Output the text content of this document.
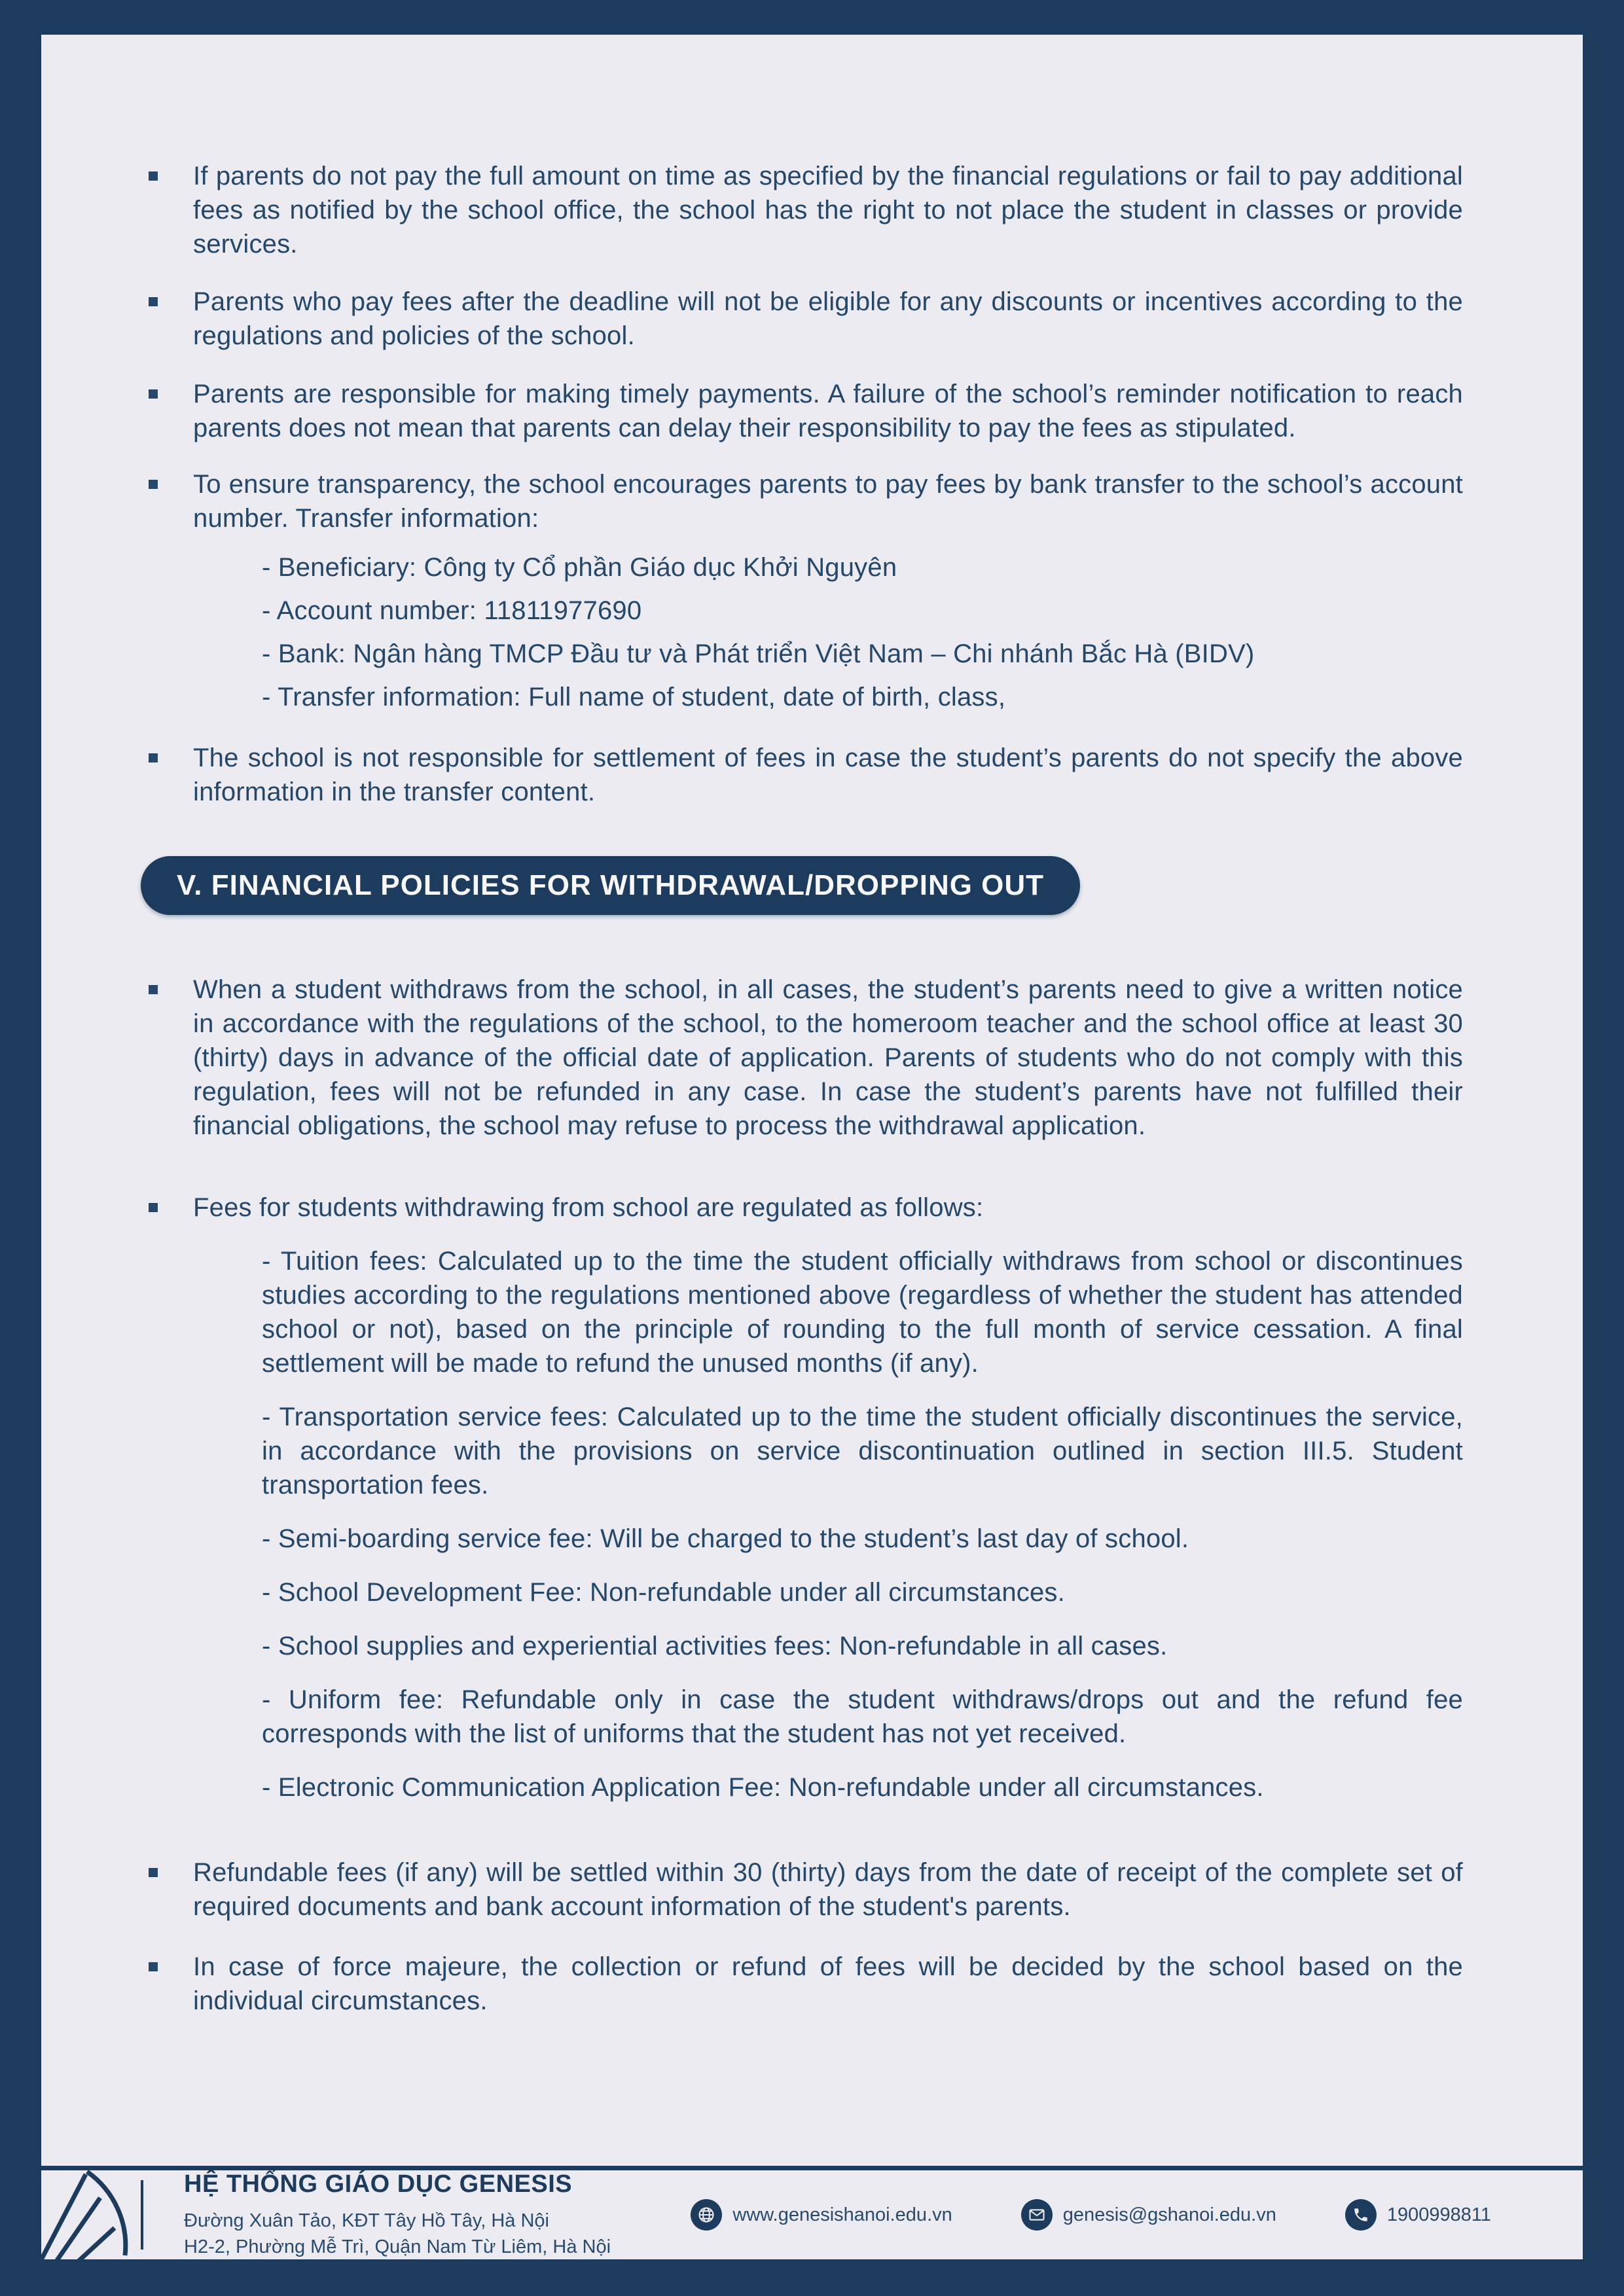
If parents do not pay the full amount on time as specified by the financial regulations or fail to pay additional fees as notified by the school office, the school has the right to not place the student in classes or provide services.
Parents who pay fees after the deadline will not be eligible for any discounts or incentives according to the regulations and policies of the school.
Parents are responsible for making timely payments. A failure of the school’s reminder notification to reach parents does not mean that parents can delay their responsibility to pay the fees as stipulated.
To ensure transparency, the school encourages parents to pay fees by bank transfer to the school’s account number. Transfer information:
- Beneficiary: Công ty Cổ phần Giáo dục Khởi Nguyên
- Account number: 11811977690
- Bank: Ngân hàng TMCP Đầu tư và Phát triển Việt Nam – Chi nhánh Bắc Hà (BIDV)
- Transfer information: Full name of student, date of birth, class,
The school is not responsible for settlement of fees in case the student’s parents do not specify the above information in the transfer content.
V. FINANCIAL POLICIES FOR WITHDRAWAL/DROPPING OUT
When a student withdraws from the school, in all cases, the student’s parents need to give a written notice in accordance with the regulations of the school, to the homeroom teacher and the school office at least 30 (thirty) days in advance of the official date of application. Parents of students who do not comply with this regulation, fees will not be refunded in any case. In case the student’s parents have not fulfilled their financial obligations, the school may refuse to process the withdrawal application.
Fees for students withdrawing from school are regulated as follows:
- Tuition fees: Calculated up to the time the student officially withdraws from school or discontinues studies according to the regulations mentioned above (regardless of whether the student has attended school or not), based on the principle of rounding to the full month of service cessation. A final settlement will be made to refund the unused months (if any).
- Transportation service fees: Calculated up to the time the student officially discontinues the service, in accordance with the provisions on service discontinuation outlined in section III.5. Student transportation fees.
- Semi-boarding service fee: Will be charged to the student’s last day of school.
- School Development Fee: Non-refundable under all circumstances.
- School supplies and experiential activities fees: Non-refundable in all cases.
- Uniform fee: Refundable only in case the student withdraws/drops out and the refund fee corresponds with the list of uniforms that the student has not yet received.
- Electronic Communication Application Fee: Non-refundable under all circumstances.
Refundable fees (if any) will be settled within 30 (thirty) days from the date of receipt of the complete set of required documents and bank account information of the student's parents.
In case of force majeure, the collection or refund of fees will be decided by the school based on the individual circumstances.
HỆ THỐNG GIÁO DỤC GENESIS
Đường Xuân Tảo, KĐT Tây Hồ Tây, Hà Nội
H2-2, Phường Mễ Trì, Quận Nam Từ Liêm, Hà Nội
www.genesishanoi.edu.vn	genesis@gshanoi.edu.vn	1900998811
